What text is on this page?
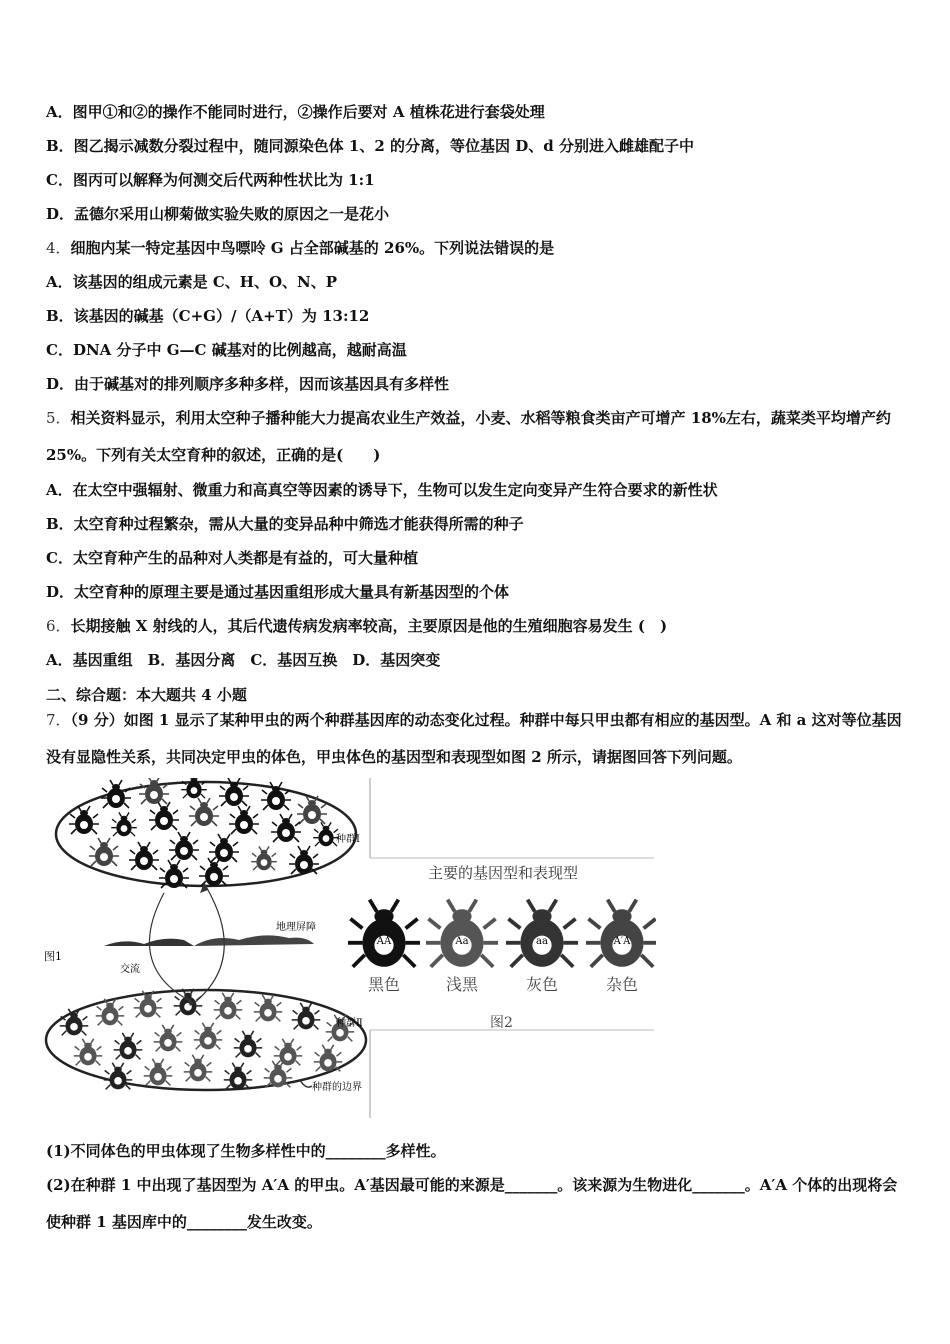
A．图甲①和②的操作不能同时进行，②操作后要对 A 植株花进行套袋处理
B．图乙揭示减数分裂过程中，随同源染色体 1、2 的分离，等位基因 D、d 分别进入雌雄配子中
C．图丙可以解释为何测交后代两种性状比为 1:1
D．孟德尔采用山柳菊做实验失败的原因之一是花小
4．细胞内某一特定基因中鸟嘌呤 G 占全部碱基的 26%。下列说法错误的是
A．该基因的组成元素是 C、H、O、N、P
B．该基因的碱基（C+G）/（A+T）为 13:12
C．DNA 分子中 G—C 碱基对的比例越高，越耐高温
D．由于碱基对的排列顺序多种多样，因而该基因具有多样性
5．相关资料显示，利用太空种子播种能大力提高农业生产效益，小麦、水稻等粮食类亩产可增产 18%左右，蔬菜类平均增产约 25%。下列有关太空育种的叙述，正确的是(　　)
A．在太空中强辐射、微重力和高真空等因素的诱导下，生物可以发生定向变异产生符合要求的新性状
B．太空育种过程繁杂，需从大量的变异品种中筛选才能获得所需的种子
C．太空育种产生的品种对人类都是有益的，可大量种植
D．太空育种的原理主要是通过基因重组形成大量具有新基因型的个体
6．长期接触 X 射线的人，其后代遗传病发病率较高，主要原因是他的生殖细胞容易发生 (　)
A．基因重组　B．基因分离　C．基因互换　D．基因突变
二、综合题：本大题共 4 小题
7．（9 分）如图 1 显示了某种甲虫的两个种群基因库的动态变化过程。种群中每只甲虫都有相应的基因型。A 和 a 这对等位基因没有显隐性关系，共同决定甲虫的体色，甲虫体色的基因型和表现型如图 2 所示，请据图回答下列问题。
图1
种群Ⅰ
种群Ⅱ
地理屏障
交流
种群的边界
主要的基因型和表现型
AA
黑色
Aa
浅黑
aa
灰色
A′A
杂色
图2
(1)不同体色的甲虫体现了生物多样性中的________多样性。
(2)在种群 1 中出现了基因型为 A′A 的甲虫。A′基因最可能的来源是_______。该来源为生物进化_______。A′A 个体的出现将会使种群 1 基因库中的________发生改变。
